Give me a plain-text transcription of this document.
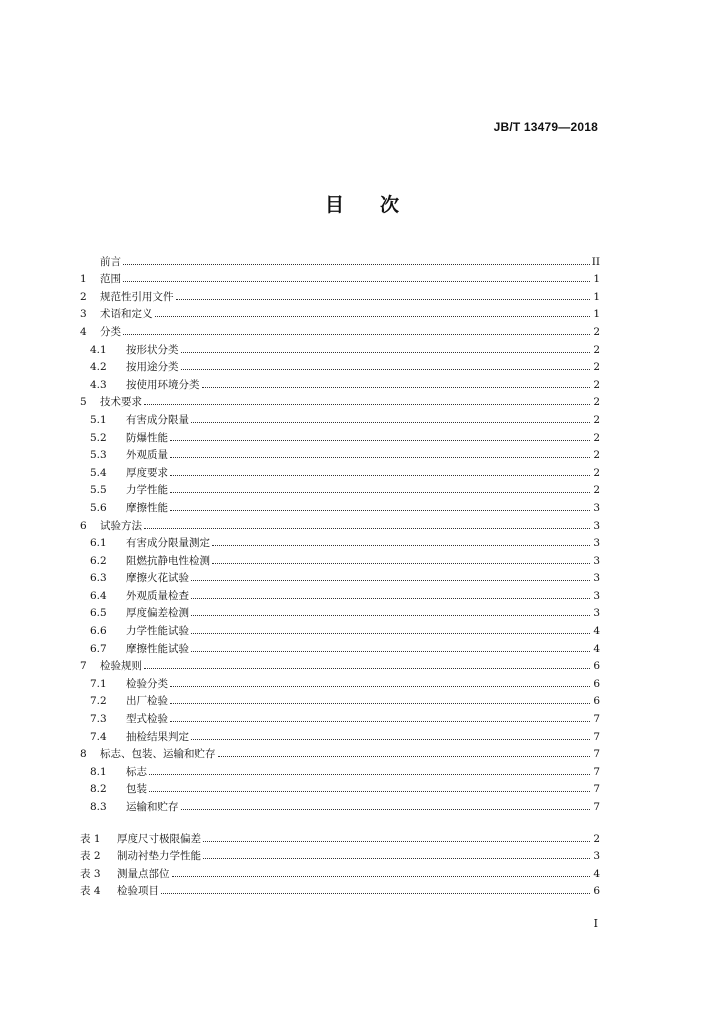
JB/T 13479—2018
目 次
前言	II
1	范围	1
2	规范性引用文件	1
3	术语和定义	1
4	分类	2
4.1	按形状分类	2
4.2	按用途分类	2
4.3	按使用环境分类	2
5	技术要求	2
5.1	有害成分限量	2
5.2	防爆性能	2
5.3	外观质量	2
5.4	厚度要求	2
5.5	力学性能	2
5.6	摩擦性能	3
6	试验方法	3
6.1	有害成分限量测定	3
6.2	阻燃抗静电性检测	3
6.3	摩擦火花试验	3
6.4	外观质量检查	3
6.5	厚度偏差检测	3
6.6	力学性能试验	4
6.7	摩擦性能试验	4
7	检验规则	6
7.1	检验分类	6
7.2	出厂检验	6
7.3	型式检验	7
7.4	抽检结果判定	7
8	标志、包装、运输和贮存	7
8.1	标志	7
8.2	包装	7
8.3	运输和贮存	7
表 1	厚度尺寸极限偏差	2
表 2	制动衬垫力学性能	3
表 3	测量点部位	4
表 4	检验项目	6
I
